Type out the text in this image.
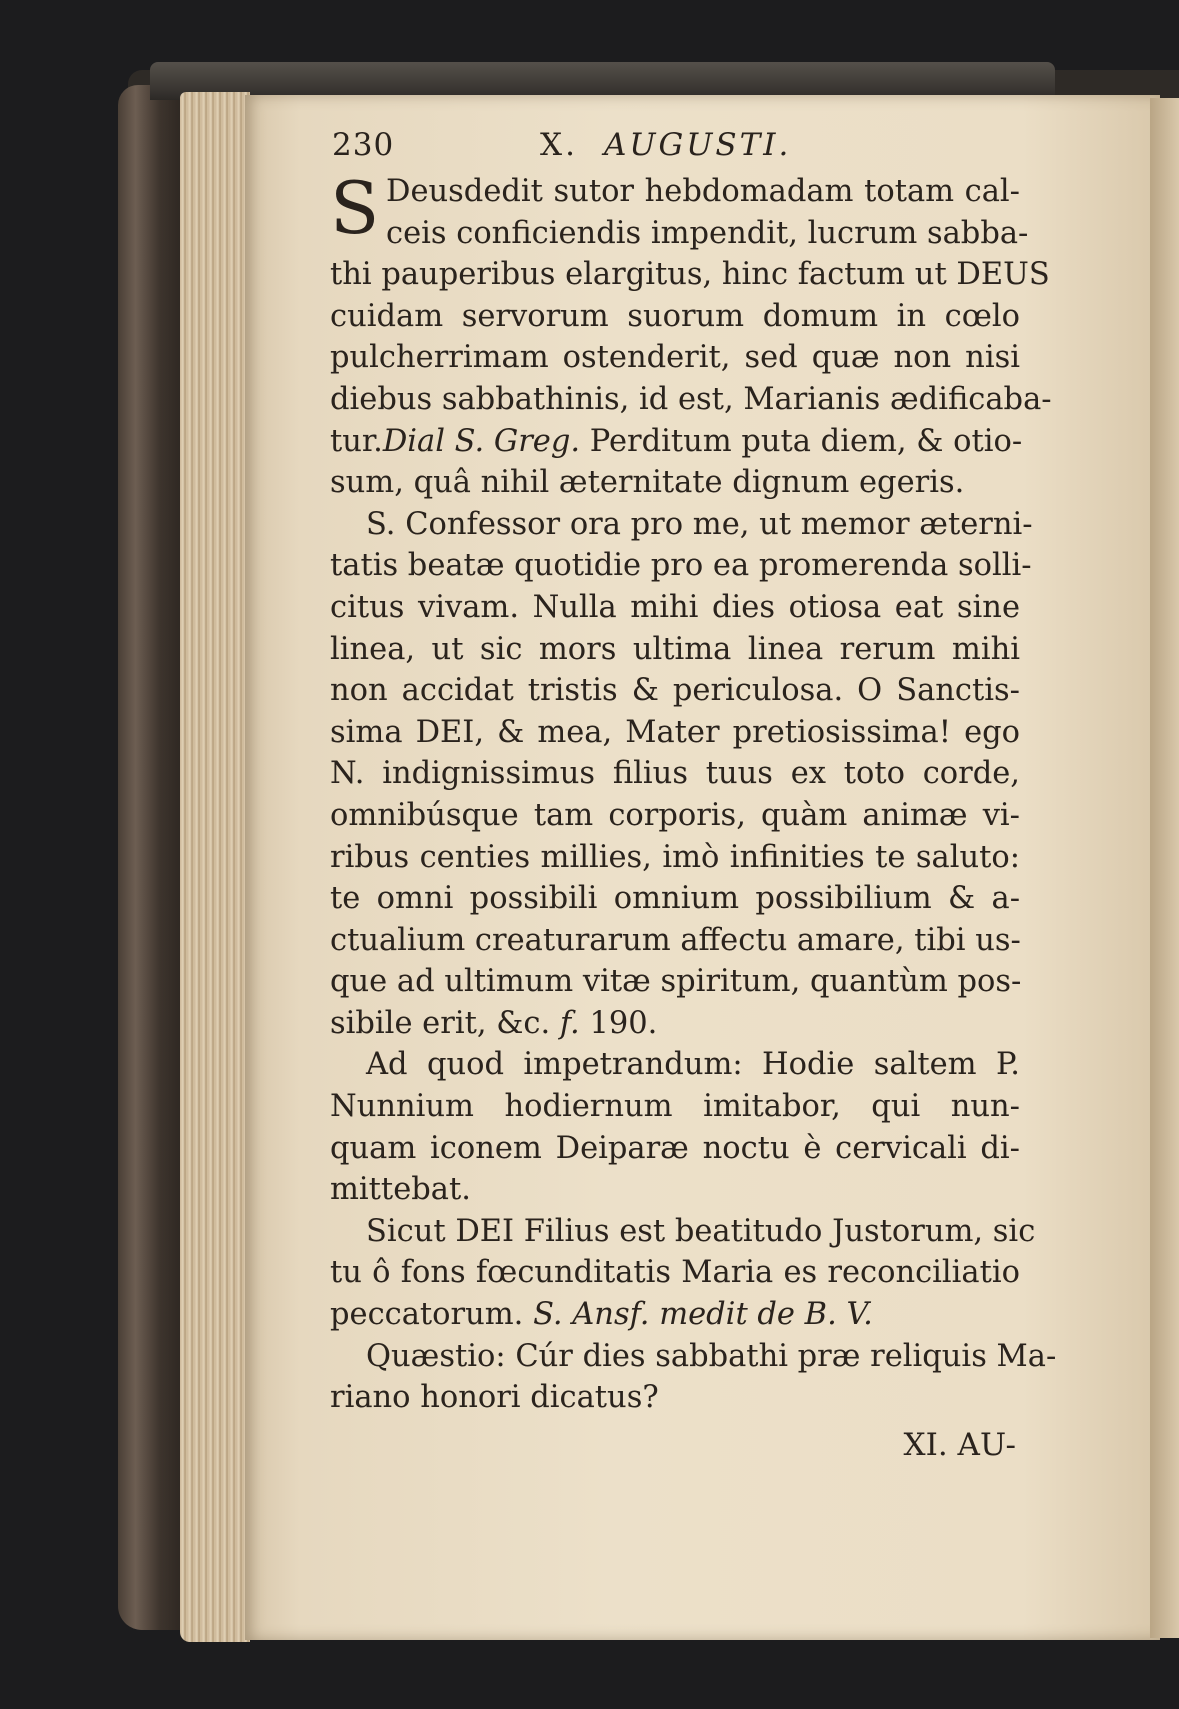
230	X. AUGUSTI.
S Deusdedit sutor hebdomadam totam cal-
ceis conficiendis impendit, lucrum sabba-
thi pauperibus elargitus, hinc factum ut DEUS
cuidam servorum suorum domum in cœlo
pulcherrimam ostenderit, sed quæ non nisi
diebus sabbathinis, id est, Marianis ædificaba-
tur.Dial S. Greg. Perditum puta diem, & otio-
sum, quâ nihil æternitate dignum egeris.
S. Confessor ora pro me, ut memor æterni-
tatis beatæ quotidie pro ea promerenda solli-
citus vivam. Nulla mihi dies otiosa eat sine
linea, ut sic mors ultima linea rerum mihi
non accidat tristis & periculosa. O Sanctis-
sima DEI, & mea, Mater pretiosissima! ego
N. indignissimus filius tuus ex toto corde,
omnibúsque tam corporis, quàm animæ vi-
ribus centies millies, imò infinities te saluto:
te omni possibili omnium possibilium & a-
ctualium creaturarum affectu amare, tibi us-
que ad ultimum vitæ spiritum, quantùm pos-
sibile erit, &c. f. 190.
Ad quod impetrandum: Hodie saltem P.
Nunnium hodiernum imitabor, qui nun-
quam iconem Deiparæ noctu è cervicali di-
mittebat.
Sicut DEI Filius est beatitudo Justorum, sic
tu ô fons fœcunditatis Maria es reconciliatio
peccatorum. S. Ansf. medit de B. V.
Quæstio: Cúr dies sabbathi præ reliquis Ma-
riano honori dicatus?
XI. AU-
